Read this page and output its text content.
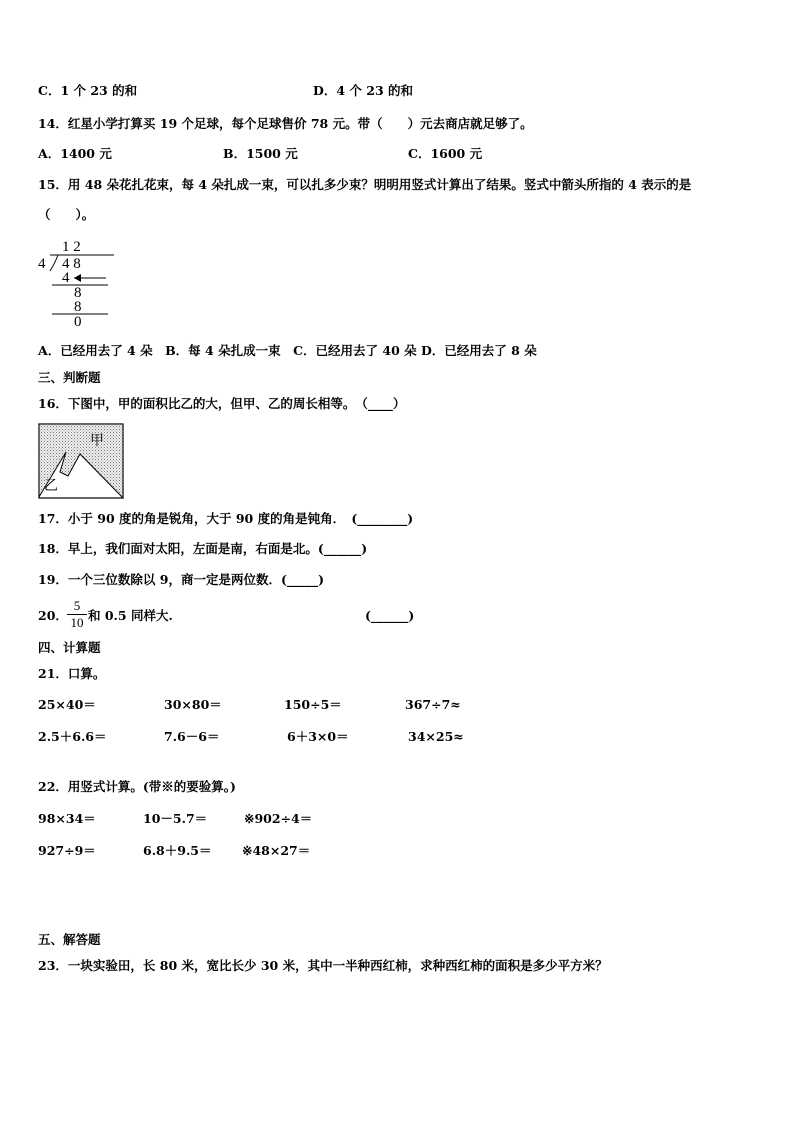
C．1 个 23 的和	D．4 个 23 的和
14．红星小学打算买 19 个足球，每个足球售价 78 元。带（　　）元去商店就足够了。
A．1400 元	B．1500 元	C．1600 元
15．用 48 朵花扎花束，每 4 朵扎成一束，可以扎多少束？明明用竖式计算出了结果。竖式中箭头所指的 4 表示的是
（　　）。
1 2
4 4 8
4
8
8
0
A．已经用去了 4 朵　B．每 4 朵扎成一束　C．已经用去了 40 朵 D．已经用去了 8 朵
三、判断题
16．下图中，甲的面积比乙的大，但甲、乙的周长相等。　（____）
甲
乙
17．小于 90 度的角是锐角，大于 90 度的角是钝角．　(________)
18．早上，我们面对太阳，左面是南，右面是北。(______)
19．一个三位数除以 9，商一定是两位数．(_____)
20．
5
10 和 0.5 同样大.	(______)
四、计算题
21．口算。
25×40＝	30×80＝	150÷5＝	367÷7≈
2.5＋6.6＝	7.6－6＝	6＋3×0＝	34×25≈
22．用竖式计算。(带※的要验算。)
98×34＝	10－5.7＝	※902÷4＝
927÷9＝	6.8＋9.5＝ ※48×27＝
五、解答题
23．一块实验田，长 80 米，宽比长少 30 米，其中一半种西红柿，求种西红柿的面积是多少平方米？
